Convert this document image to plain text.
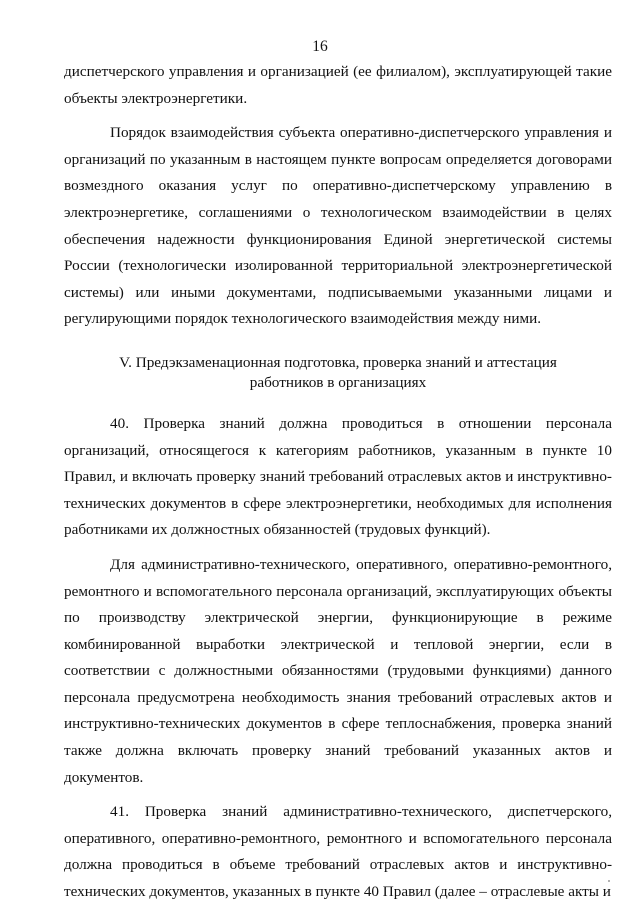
16

диспетчерского управления и организацией (ее филиалом), эксплуатирующей такие объекты электроэнергетики.

Порядок взаимодействия субъекта оперативно-диспетчерского управления и организаций по указанным в настоящем пункте вопросам определяется договорами возмездного оказания услуг по оперативно-диспетчерскому управлению в электроэнергетике, соглашениями о технологическом взаимодействии в целях обеспечения надежности функционирования Единой энергетической системы России (технологически изолированной территориальной электроэнергетической системы) или иными документами, подписываемыми указанными лицами и регулирующими порядок технологического взаимодействия между ними.

V. Предэкзаменационная подготовка, проверка знаний и аттестация
работников в организациях

40. Проверка знаний должна проводиться в отношении персонала организаций, относящегося к категориям работников, указанным в пункте 10 Правил, и включать проверку знаний требований отраслевых актов и инструктивно-технических документов в сфере электроэнергетики, необходимых для исполнения работниками их должностных обязанностей (трудовых функций).

Для административно-технического, оперативного, оперативно-ремонтного, ремонтного и вспомогательного персонала организаций, эксплуатирующих объекты по производству электрической энергии, функционирующие в режиме комбинированной выработки электрической и тепловой энергии, если в соответствии с должностными обязанностями (трудовыми функциями) данного персонала предусмотрена необходимость знания требований отраслевых актов и инструктивно-технических документов в сфере теплоснабжения, проверка знаний также должна включать проверку знаний требований указанных актов и документов.

41. Проверка знаний административно-технического, диспетчерского, оперативного, оперативно-ремонтного, ремонтного и вспомогательного персонала должна проводиться в объеме требований отраслевых актов и инструктивно-технических документов, указанных в пункте 40 Правил (далее – отраслевые акты и
